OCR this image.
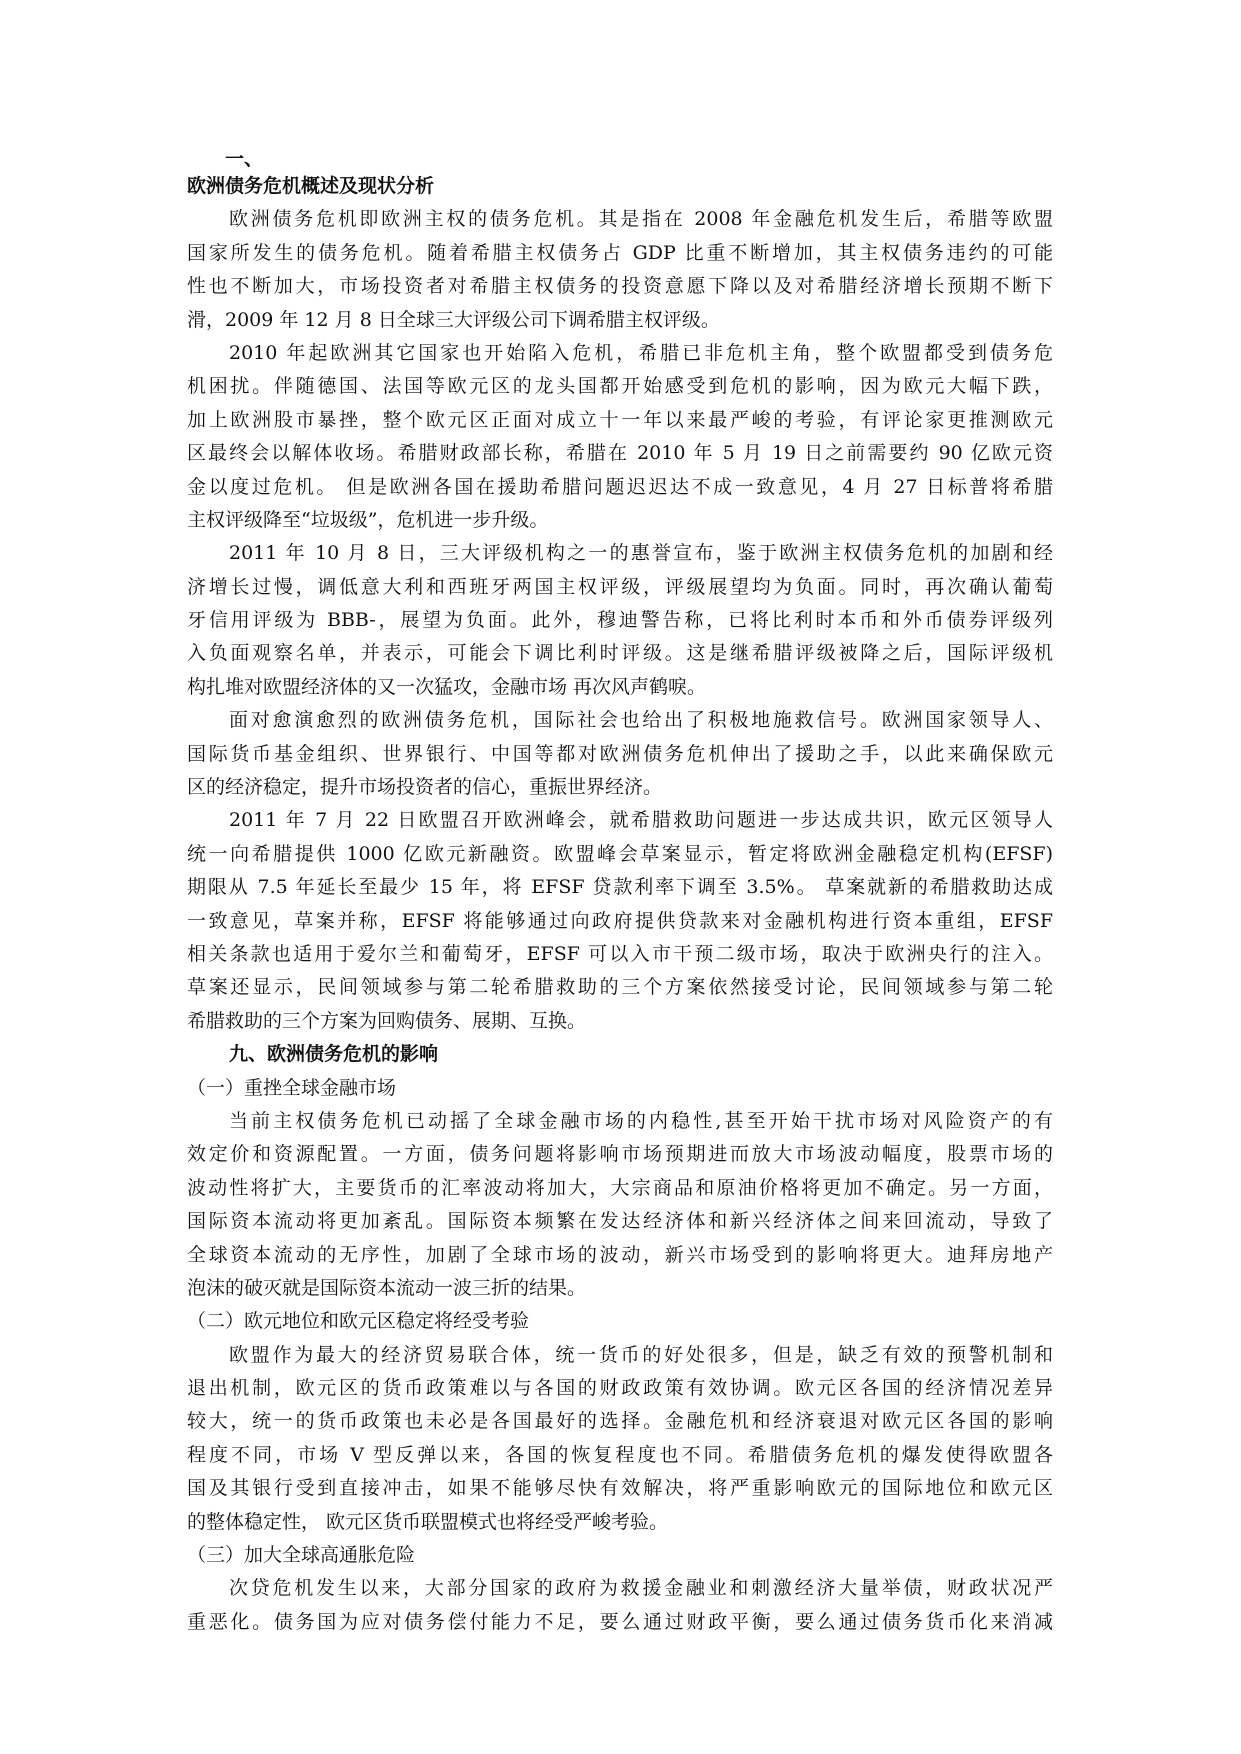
一、
欧洲债务危机概述及现状分析
欧洲债务危机即欧洲主权的债务危机。其是指在 2008 年金融危机发生后，希腊等欧盟
国家所发生的债务危机。随着希腊主权债务占 GDP 比重不断增加，其主权债务违约的可能
性也不断加大，市场投资者对希腊主权债务的投资意愿下降以及对希腊经济增长预期不断下
滑，2009 年 12 月 8 日全球三大评级公司下调希腊主权评级。
2010 年起欧洲其它国家也开始陷入危机，希腊已非危机主角，整个欧盟都受到债务危
机困扰。伴随德国、法国等欧元区的龙头国都开始感受到危机的影响，因为欧元大幅下跌，
加上欧洲股市暴挫，整个欧元区正面对成立十一年以来最严峻的考验，有评论家更推测欧元
区最终会以解体收场。希腊财政部长称，希腊在 2010 年 5 月 19 日之前需要约 90 亿欧元资
金以度过危机。 但是欧洲各国在援助希腊问题迟迟达不成一致意见，4 月 27 日标普将希腊
主权评级降至“垃圾级”，危机进一步升级。
2011 年 10 月 8 日，三大评级机构之一的惠誉宣布，鉴于欧洲主权债务危机的加剧和经
济增长过慢，调低意大利和西班牙两国主权评级，评级展望均为负面。同时，再次确认葡萄
牙信用评级为 BBB-，展望为负面。此外，穆迪警告称，已将比利时本币和外币债券评级列
入负面观察名单，并表示，可能会下调比利时评级。这是继希腊评级被降之后，国际评级机
构扎堆对欧盟经济体的又一次猛攻，金融市场 再次风声鹤唳。
面对愈演愈烈的欧洲债务危机，国际社会也给出了积极地施救信号。欧洲国家领导人、
国际货币基金组织、世界银行、中国等都对欧洲债务危机伸出了援助之手，以此来确保欧元
区的经济稳定，提升市场投资者的信心，重振世界经济。
2011 年 7 月 22 日欧盟召开欧洲峰会，就希腊救助问题进一步达成共识，欧元区领导人
统一向希腊提供 1000 亿欧元新融资。欧盟峰会草案显示，暂定将欧洲金融稳定机构(EFSF)
期限从 7.5 年延长至最少 15 年，将 EFSF 贷款利率下调至 3.5%。 草案就新的希腊救助达成
一致意见，草案并称，EFSF 将能够通过向政府提供贷款来对金融机构进行资本重组，EFSF
相关条款也适用于爱尔兰和葡萄牙，EFSF 可以入市干预二级市场，取决于欧洲央行的注入。
草案还显示，民间领域参与第二轮希腊救助的三个方案依然接受讨论，民间领域参与第二轮
希腊救助的三个方案为回购债务、展期、互换。
九、欧洲债务危机的影响
（一）重挫全球金融市场
当前主权债务危机已动摇了全球金融市场的内稳性,甚至开始干扰市场对风险资产的有
效定价和资源配置。一方面，债务问题将影响市场预期进而放大市场波动幅度，股票市场的
波动性将扩大，主要货币的汇率波动将加大，大宗商品和原油价格将更加不确定。另一方面，
国际资本流动将更加紊乱。国际资本频繁在发达经济体和新兴经济体之间来回流动，导致了
全球资本流动的无序性，加剧了全球市场的波动，新兴市场受到的影响将更大。迪拜房地产
泡沫的破灭就是国际资本流动一波三折的结果。
（二）欧元地位和欧元区稳定将经受考验
欧盟作为最大的经济贸易联合体，统一货币的好处很多，但是，缺乏有效的预警机制和
退出机制，欧元区的货币政策难以与各国的财政政策有效协调。欧元区各国的经济情况差异
较大，统一的货币政策也未必是各国最好的选择。金融危机和经济衰退对欧元区各国的影响
程度不同，市场 V 型反弹以来，各国的恢复程度也不同。希腊债务危机的爆发使得欧盟各
国及其银行受到直接冲击，如果不能够尽快有效解决，将严重影响欧元的国际地位和欧元区
的整体稳定性， 欧元区货币联盟模式也将经受严峻考验。
（三）加大全球高通胀危险
次贷危机发生以来，大部分国家的政府为救援金融业和刺激经济大量举债，财政状况严
重恶化。债务国为应对债务偿付能力不足，要么通过财政平衡，要么通过债务货币化来消减
